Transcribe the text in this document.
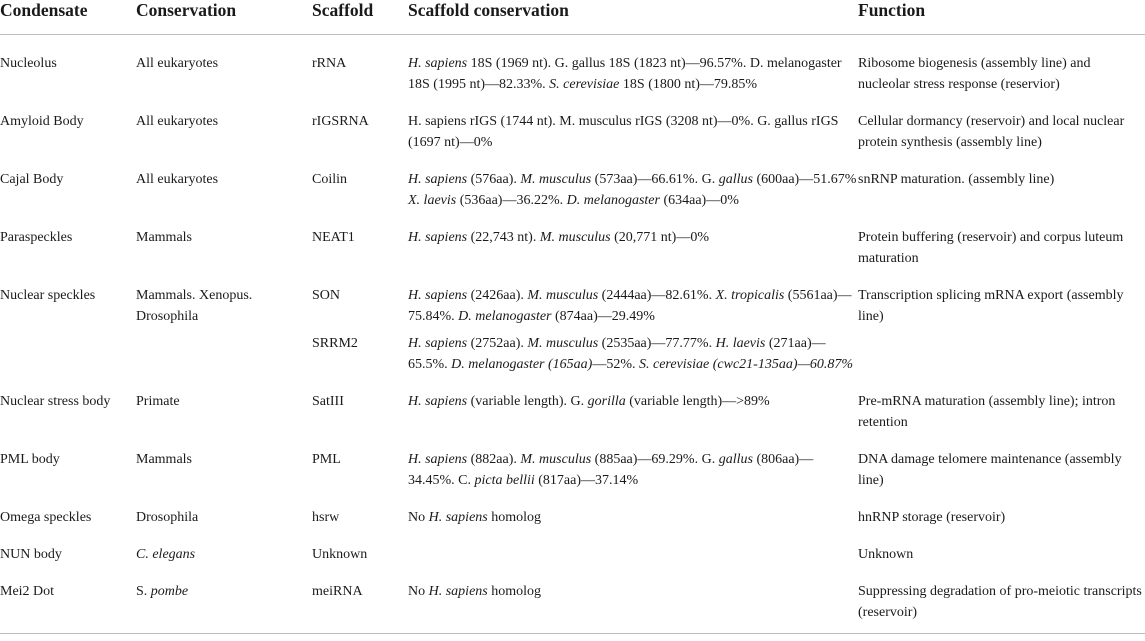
Condensate	Conservation	Scaffold	Scaffold conservation	Function
Nucleolus	All eukaryotes	rRNA	H. sapiens 18S (1969 nt). G. gallus 18S (1823 nt)—96.57%. D. melanogaster 18S (1995 nt)—82.33%. S. cerevisiae 18S (1800 nt)—79.85%	Ribosome biogenesis (assembly line) and nucleolar stress response (reservior)
Amyloid Body	All eukaryotes	rIGSRNA	H. sapiens rIGS (1744 nt). M. musculus rIGS (3208 nt)—0%. G. gallus rIGS (1697 nt)—0%	Cellular dormancy (reservoir) and local nuclear protein synthesis (assembly line)
Cajal Body	All eukaryotes	Coilin	H. sapiens (576aa). M. musculus (573aa)—66.61%. G. gallus (600aa)—51.67% X. laevis (536aa)—36.22%. D. melanogaster (634aa)—0%	snRNP maturation. (assembly line)
Paraspeckles	Mammals	NEAT1	H. sapiens (22,743 nt). M. musculus (20,771 nt)—0%	Protein buffering (reservoir) and corpus luteum maturation
Nuclear speckles	Mammals. Xenopus. Drosophila	SON	H. sapiens (2426aa). M. musculus (2444aa)—82.61%. X. tropicalis (5561aa)—75.84%. D. melanogaster (874aa)—29.49%	Transcription splicing mRNA export (assembly line)
		SRRM2	H. sapiens (2752aa). M. musculus (2535aa)—77.77%. H. laevis (271aa)—65.5%. D. melanogaster (165aa)—52%. S. cerevisiae (cwc21-135aa)—60.87%	
Nuclear stress body	Primate	SatIII	H. sapiens (variable length). G. gorilla (variable length)—>89%	Pre-mRNA maturation (assembly line); intron retention
PML body	Mammals	PML	H. sapiens (882aa). M. musculus (885aa)—69.29%. G. gallus (806aa)—34.45%. C. picta bellii (817aa)—37.14%	DNA damage telomere maintenance (assembly line)
Omega speckles	Drosophila	hsrw	No H. sapiens homolog	hnRNP storage (reservoir)
NUN body	C. elegans	Unknown		Unknown
Mei2 Dot	S. pombe	meiRNA	No H. sapiens homolog	Suppressing degradation of pro-meiotic transcripts (reservoir)
